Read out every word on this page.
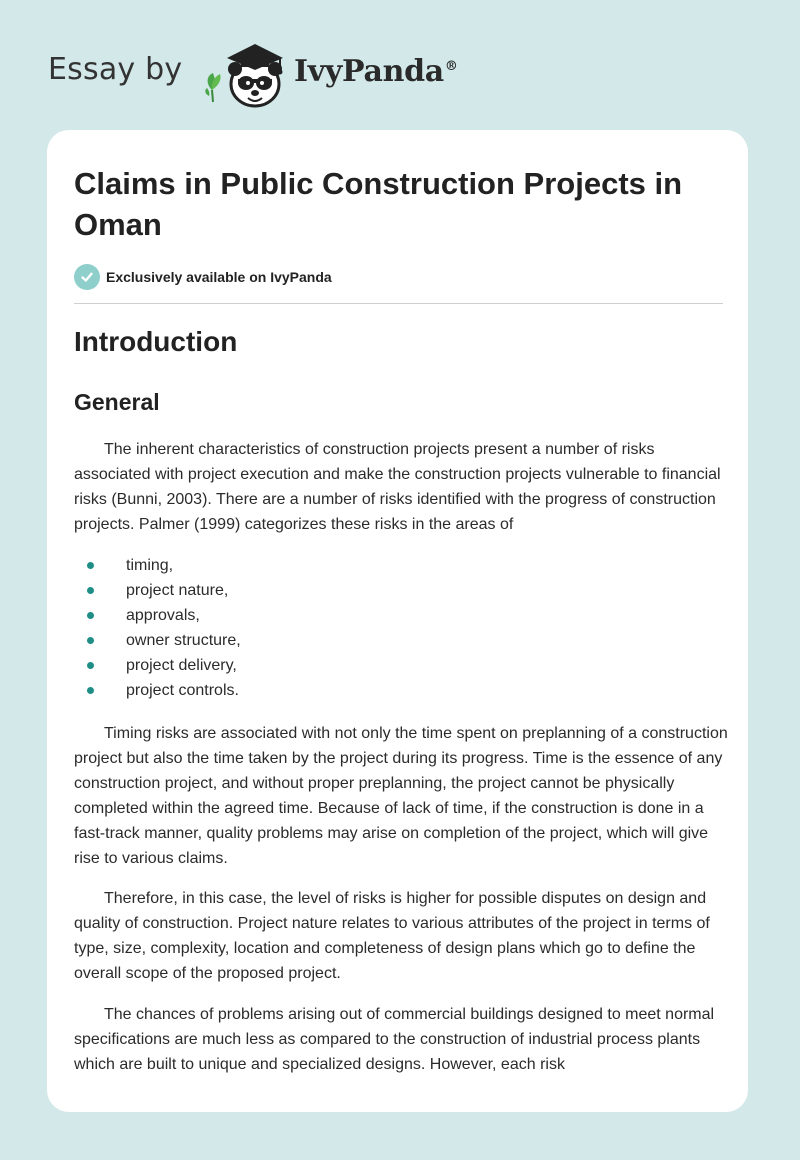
Essay by	IvyPanda®
Claims in Public Construction Projects in Oman
Exclusively available on IvyPanda
Introduction
General

The inherent characteristics of construction projects present a number of risks associated with project execution and make the construction projects vulnerable to financial risks (Bunni, 2003). There are a number of risks identified with the progress of construction projects. Palmer (1999) categorizes these risks in the areas of

timing,
project nature,
approvals,
owner structure,
project delivery,
project controls.

Timing risks are associated with not only the time spent on preplanning of a construction project but also the time taken by the project during its progress. Time is the essence of any construction project, and without proper preplanning, the project cannot be physically completed within the agreed time. Because of lack of time, if the construction is done in a fast-track manner, quality problems may arise on completion of the project, which will give rise to various claims.

Therefore, in this case, the level of risks is higher for possible disputes on design and quality of construction. Project nature relates to various attributes of the project in terms of type, size, complexity, location and completeness of design plans which go to define the overall scope of the proposed project.

The chances of problems arising out of commercial buildings designed to meet normal specifications are much less as compared to the construction of industrial process plants which are built to unique and specialized designs. However, each risk
